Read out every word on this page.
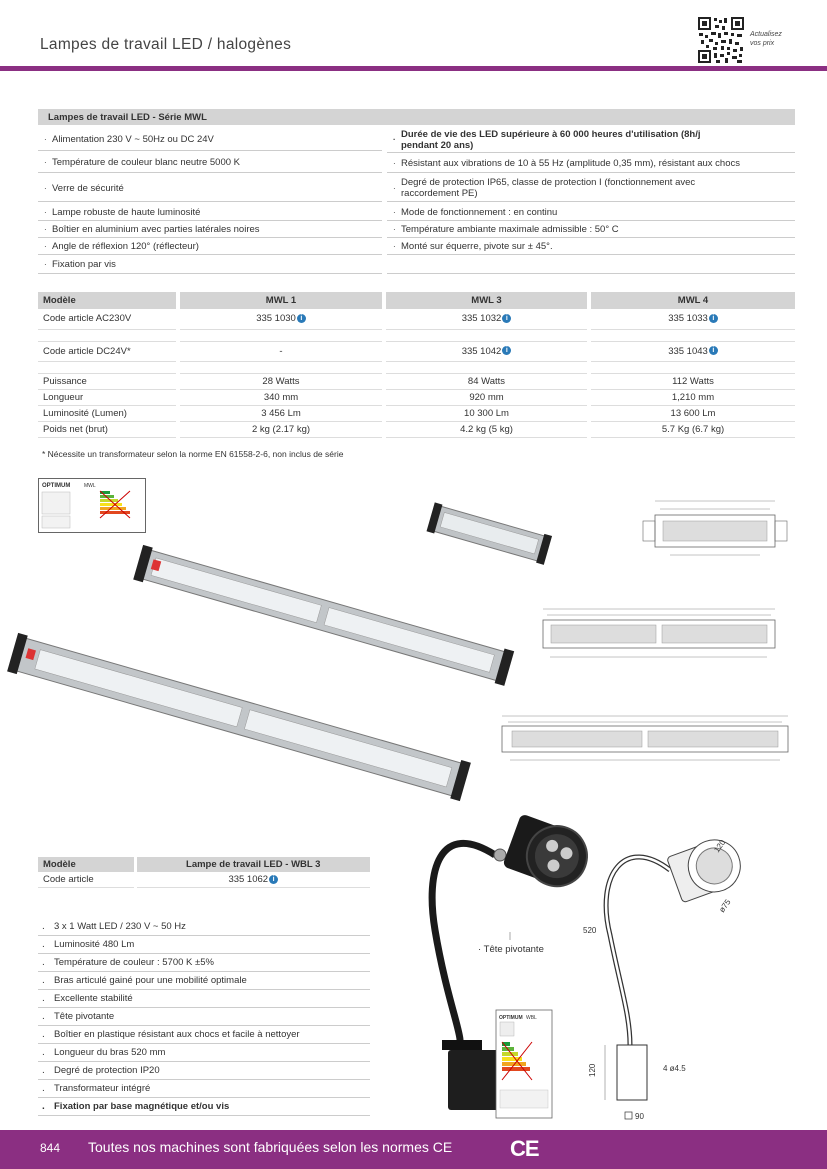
Lampes de travail LED / halogènes
Actualisez
vos prix
Lampes de travail LED - Série MWL
· Alimentation 230 V ~ 50Hz ou DC 24V
· Température de couleur blanc neutre 5000 K
· Verre de sécurité
· Lampe robuste de haute luminosité
· Boîtier en aluminium avec parties latérales noires
· Angle de réflexion 120° (réflecteur)
· Fixation par vis
· Durée de vie des LED supérieure à 60 000 heures d'utilisation (8h/j pendant 20 ans)
· Résistant aux vibrations de 10 à 55 Hz (amplitude 0,35 mm), résistant aux chocs
· Degré de protection IP65, classe de protection I (fonctionnement avec raccordement PE)
· Mode de fonctionnement : en continu
· Température ambiante maximale admissible : 50° C
· Monté sur équerre, pivote sur ± 45°.
Modèle	MWL 1	MWL 3	MWL 4
Code article AC230V	335 1030 i	335 1032 i	335 1033 i

Code article DC24V*	-	335 1042 i	335 1043 i

Puissance	28 Watts	84 Watts	112 Watts
Longueur	340 mm	920 mm	1,210 mm
Luminosité (Lumen)	3 456 Lm	10 300 Lm	13 600 Lm
Poids net (brut)	2 kg (2.17 kg)	4.2 kg (5 kg)	5.7 Kg (6.7 kg)
* Nécessite un transformateur selon la norme EN 61558-2-6, non inclus de série
OPTIMUM	MWL
Modèle	Lampe de travail LED - WBL 3
Code article	335 1062 i

. 3 x 1 Watt LED / 230 V ~ 50 Hz
. Luminosité 480 Lm
. Température de couleur : 5700 K ±5%
. Bras articulé gainé pour une mobilité optimale
. Excellente stabilité
. Tête pivotante
. Boîtier en plastique résistant aux chocs et facile à nettoyer
. Longueur du bras 520 mm
. Degré de protection IP20
. Transformateur intégré
. Fixation par base magnétique et/ou vis
OPTIMUM WBL
· Tête pivotante
120
ø75
520
120	4 ø4.5
90
844 Toutes nos machines sont fabriquées selon les normes CE	CE
